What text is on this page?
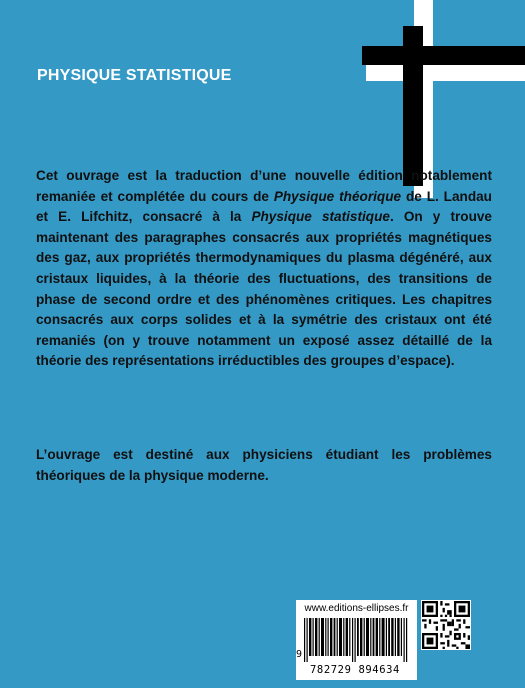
PHYSIQUE STATISTIQUE

Cet ouvrage est la traduction d’une nouvelle édition notablement remaniée et complétée du cours de Physique théorique de L. Landau et E. Lifchitz, consacré à la Physique statistique. On y trouve maintenant des paragraphes consacrés aux propriétés magnétiques des gaz, aux propriétés thermodynamiques du plasma dégénéré, aux cristaux liquides, à la théorie des fluctuations, des transitions de phase de second ordre et des phénomènes critiques. Les chapitres consacrés aux corps solides et à la symétrie des cristaux ont été remaniés (on y trouve notamment un exposé assez détaillé de la théorie des représentations irréductibles des groupes d’espace).

L’ouvrage est destiné aux physiciens étudiant les problèmes théoriques de la physique moderne.

www.editions-ellipses.fr
9
782729 894634
